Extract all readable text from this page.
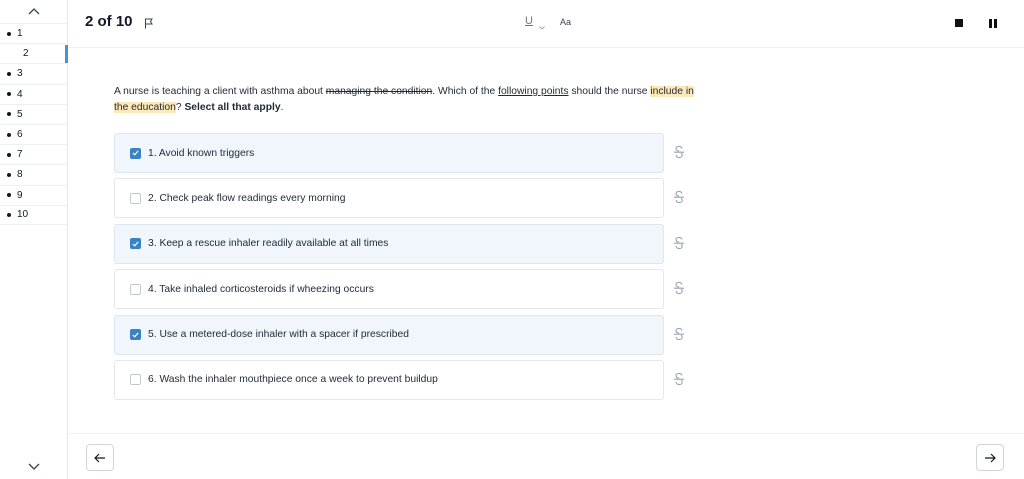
1
2
3
4
5
6
7
8
9
10
2 of 10	U	Aa
A nurse is teaching a client with asthma about managing the condition. Which of the following points should the nurse include in the education? Select all that apply.
1. Avoid known triggers
2. Check peak flow readings every morning
3. Keep a rescue inhaler readily available at all times
4. Take inhaled corticosteroids if wheezing occurs
5. Use a metered-dose inhaler with a spacer if prescribed
6. Wash the inhaler mouthpiece once a week to prevent buildup
